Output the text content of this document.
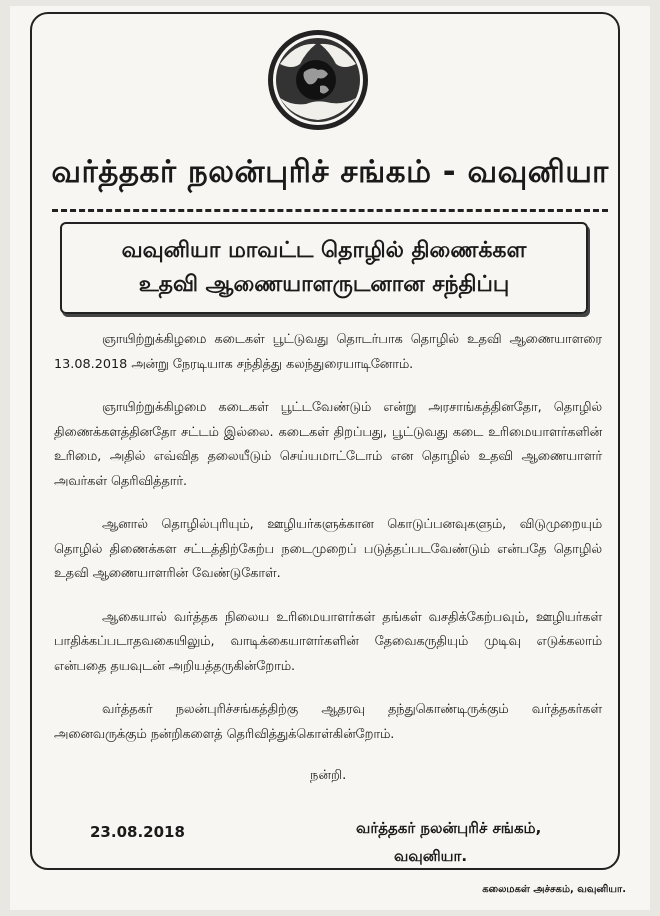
வர்த்தகர் நலன்புரிச் சங்கம் - வவுனியா
வவுனியா மாவட்ட தொழில் திணைக்கள
உதவி ஆணையாளருடனான சந்திப்பு

ஞாயிற்றுக்கிழமை கடைகள் பூட்டுவது தொடர்பாக தொழில் உதவி ஆணையாளரை 13.08.2018 அன்று நேரடியாக சந்தித்து கலந்துரையாடினோம்.

ஞாயிற்றுக்கிழமை கடைகள் பூட்டவேண்டும் என்று அரசாங்கத்தினதோ, தொழில் திணைக்களத்தினதோ சட்டம் இல்லை. கடைகள் திறப்பது, பூட்டுவது கடை உரிமையாளர்களின் உரிமை, அதில் எவ்வித தலையீடும் செய்யமாட்டோம் என தொழில் உதவி ஆணையாளர் அவர்கள் தெரிவித்தார்.

ஆனால் தொழில்புரியும், ஊழியர்களுக்கான கொடுப்பனவுகளும், விடுமுறையும் தொழில் திணைக்கள சட்டத்திற்கேற்ப நடைமுறைப் படுத்தப்படவேண்டும் என்பதே தொழில் உதவி ஆணையாளரின் வேண்டுகோள்.

ஆகையால் வர்த்தக நிலைய உரிமையாளர்கள் தங்கள் வசதிக்கேற்பவும், ஊழியர்கள் பாதிக்கப்படாதவகையிலும், வாடிக்கையாளர்களின் தேவைகருதியும் முடிவு எடுக்கலாம் என்பதை தயவுடன் அறியத்தருகின்றோம்.

வர்த்தகர் நலன்புரிச்சங்கத்திற்கு ஆதரவு தந்துகொண்டிருக்கும் வர்த்தகர்கள் அனைவருக்கும் நன்றிகளைத் தெரிவித்துக்கொள்கின்றோம்.

நன்றி.
23.08.2018	வர்த்தகர் நலன்புரிச் சங்கம்,
வவுனியா.
கலைமகள் அச்சகம், வவுனியா.
